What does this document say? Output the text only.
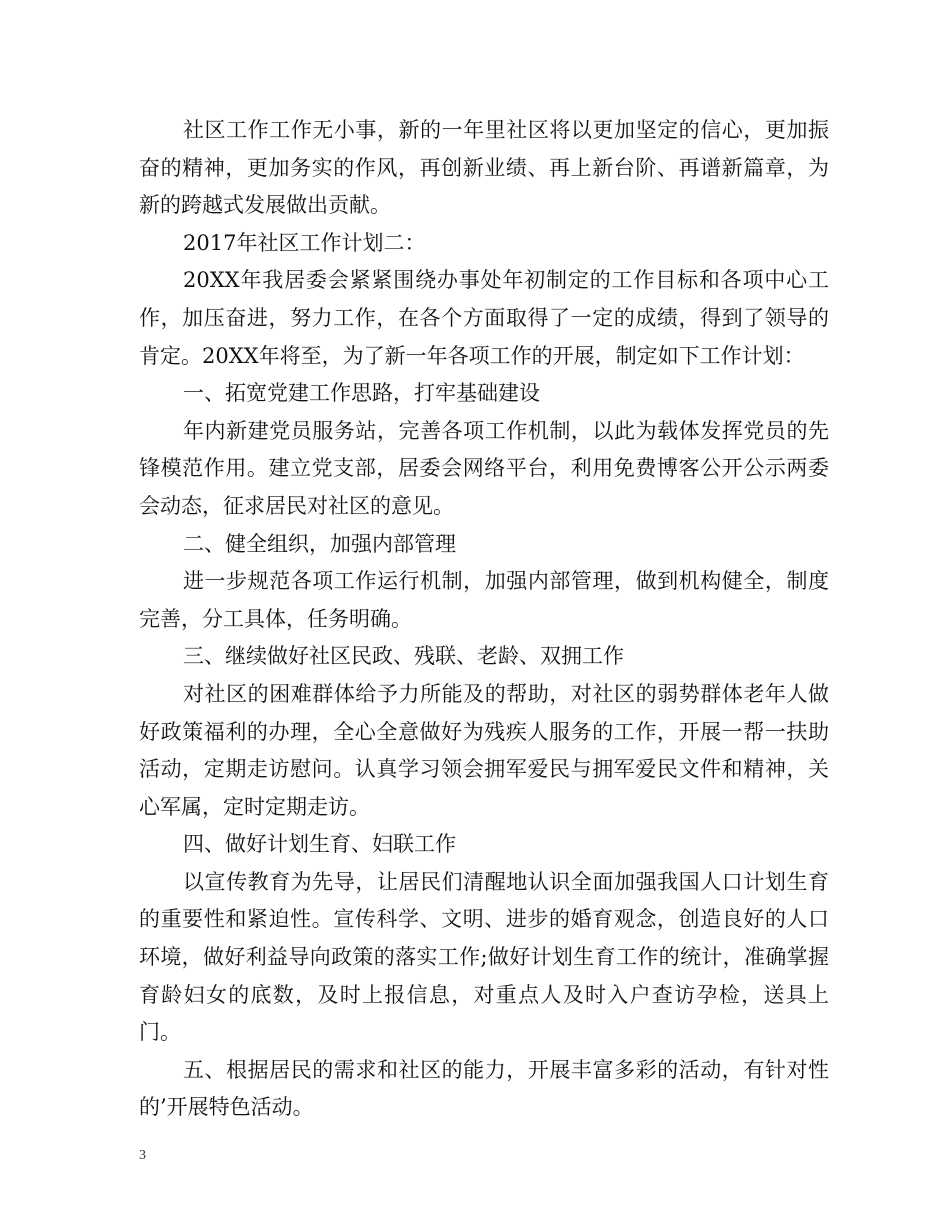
社区工作工作无小事，新的一年里社区将以更加坚定的信心，更加振奋的精神，更加务实的作风，再创新业绩、再上新台阶、再谱新篇章，为新的跨越式发展做出贡献。

2017年社区工作计划二：

20XX年我居委会紧紧围绕办事处年初制定的工作目标和各项中心工作，加压奋进，努力工作，在各个方面取得了一定的成绩，得到了领导的肯定。20XX年将至，为了新一年各项工作的开展，制定如下工作计划：

一、拓宽党建工作思路，打牢基础建设

年内新建党员服务站，完善各项工作机制，以此为载体发挥党员的先锋模范作用。建立党支部，居委会网络平台，利用免费博客公开公示两委会动态，征求居民对社区的意见。

二、健全组织，加强内部管理

进一步规范各项工作运行机制，加强内部管理，做到机构健全，制度完善，分工具体，任务明确。

三、继续做好社区民政、残联、老龄、双拥工作

对社区的困难群体给予力所能及的帮助，对社区的弱势群体老年人做好政策福利的办理，全心全意做好为残疾人服务的工作，开展一帮一扶助活动，定期走访慰问。认真学习领会拥军爱民与拥军爱民文件和精神，关心军属，定时定期走访。

四、做好计划生育、妇联工作

以宣传教育为先导，让居民们清醒地认识全面加强我国人口计划生育的重要性和紧迫性。宣传科学、文明、进步的婚育观念，创造良好的人口环境，做好利益导向政策的落实工作;做好计划生育工作的统计，准确掌握育龄妇女的底数，及时上报信息，对重点人及时入户查访孕检，送具上门。

五、根据居民的需求和社区的能力，开展丰富多彩的活动，有针对性的’开展特色活动。

3
